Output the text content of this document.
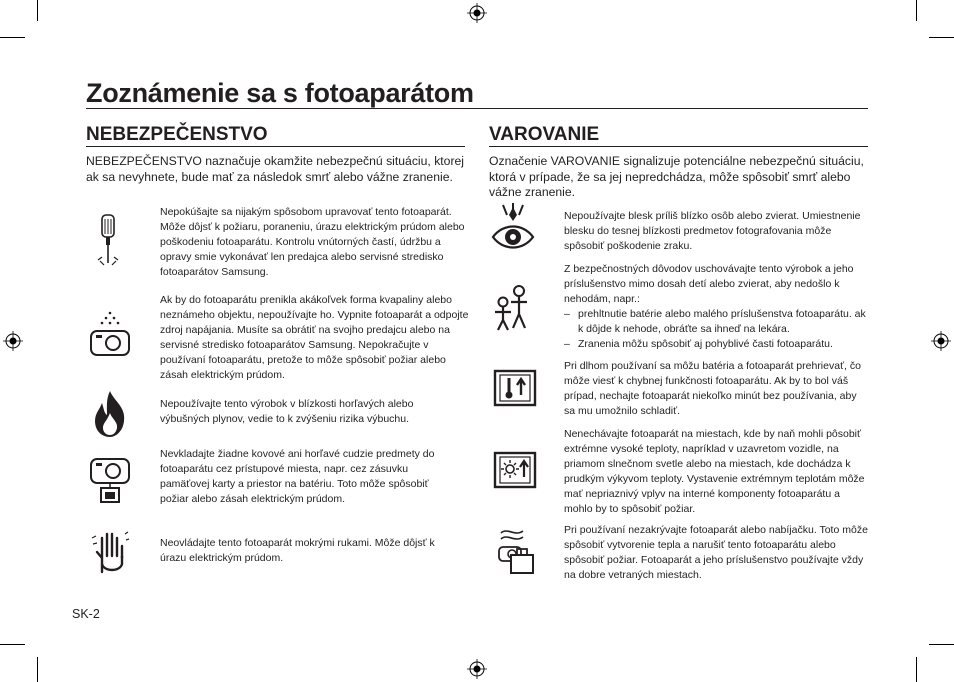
Zoznámenie sa s fotoaparátom
NEBEZPEČENSTVO

NEBEZPEČENSTVO naznačuje okamžite nebezpečnú situáciu, ktorej ak sa nevyhnete, bude mať za následok smrť alebo vážne zranenie.

Nepokúšajte sa nijakým spôsobom upravovať tento fotoaparát. Môže dôjsť k požiaru, poraneniu, úrazu elektrickým prúdom alebo poškodeniu fotoaparátu. Kontrolu vnútorných častí, údržbu a opravy smie vykonávať len predajca alebo servisné stredisko fotoaparátov Samsung.

Ak by do fotoaparátu prenikla akákoľvek forma kvapaliny alebo neznámeho objektu, nepoužívajte ho. Vypnite fotoaparát a odpojte zdroj napájania. Musíte sa obrátiť na svojho predajcu alebo na servisné stredisko fotoaparátov Samsung. Nepokračujte v používaní fotoaparátu, pretože to môže spôsobiť požiar alebo zásah elektrickým prúdom.

Nepoužívajte tento výrobok v blízkosti horľavých alebo výbušných plynov, vedie to k zvýšeniu rizika výbuchu.

Nevkladajte žiadne kovové ani horľavé cudzie predmety do fotoaparátu cez prístupové miesta, napr. cez zásuvku pamäťovej karty a priestor na batériu. Toto môže spôsobiť požiar alebo zásah elektrickým prúdom.

Neovládajte tento fotoaparát mokrými rukami. Môže dôjsť k úrazu elektrickým prúdom.

VAROVANIE

Označenie VAROVANIE signalizuje potenciálne nebezpečnú situáciu, ktorá v prípade, že sa jej nepredchádza, môže spôsobiť smrť alebo vážne zranenie.

Nepoužívajte blesk príliš blízko osôb alebo zvierat. Umiestnenie blesku do tesnej blízkosti predmetov fotografovania môže spôsobiť poškodenie zraku.

Z bezpečnostných dôvodov uschovávajte tento výrobok a jeho príslušenstvo mimo dosah detí alebo zvierat, aby nedošlo k nehodám, napr.:

– prehltnutie batérie alebo malého príslušenstva fotoaparátu. ak k dôjde k nehode, obráťte sa ihneď na lekára.
– Zranenia môžu spôsobiť aj pohyblivé časti fotoaparátu.

Pri dlhom používaní sa môžu batéria a fotoaparát prehrievať, čo môže viesť k chybnej funkčnosti fotoaparátu. Ak by to bol váš prípad, nechajte fotoaparát niekoľko minút bez používania, aby sa mu umožnilo schladiť.

Nenechávajte fotoaparát na miestach, kde by naň mohli pôsobiť extrémne vysoké teploty, napríklad v uzavretom vozidle, na priamom slnečnom svetle alebo na miestach, kde dochádza k prudkým výkyvom teploty. Vystavenie extrémnym teplotám môže mať nepriaznivý vplyv na interné komponenty fotoaparátu a mohlo by to spôsobiť požiar.

Pri používaní nezakrývajte fotoaparát alebo nabíjačku. Toto môže spôsobiť vytvorenie tepla a narušiť tento fotoaparátu alebo spôsobiť požiar. Fotoaparát a jeho príslušenstvo používajte vždy na dobre vetraných miestach.

SK-2
